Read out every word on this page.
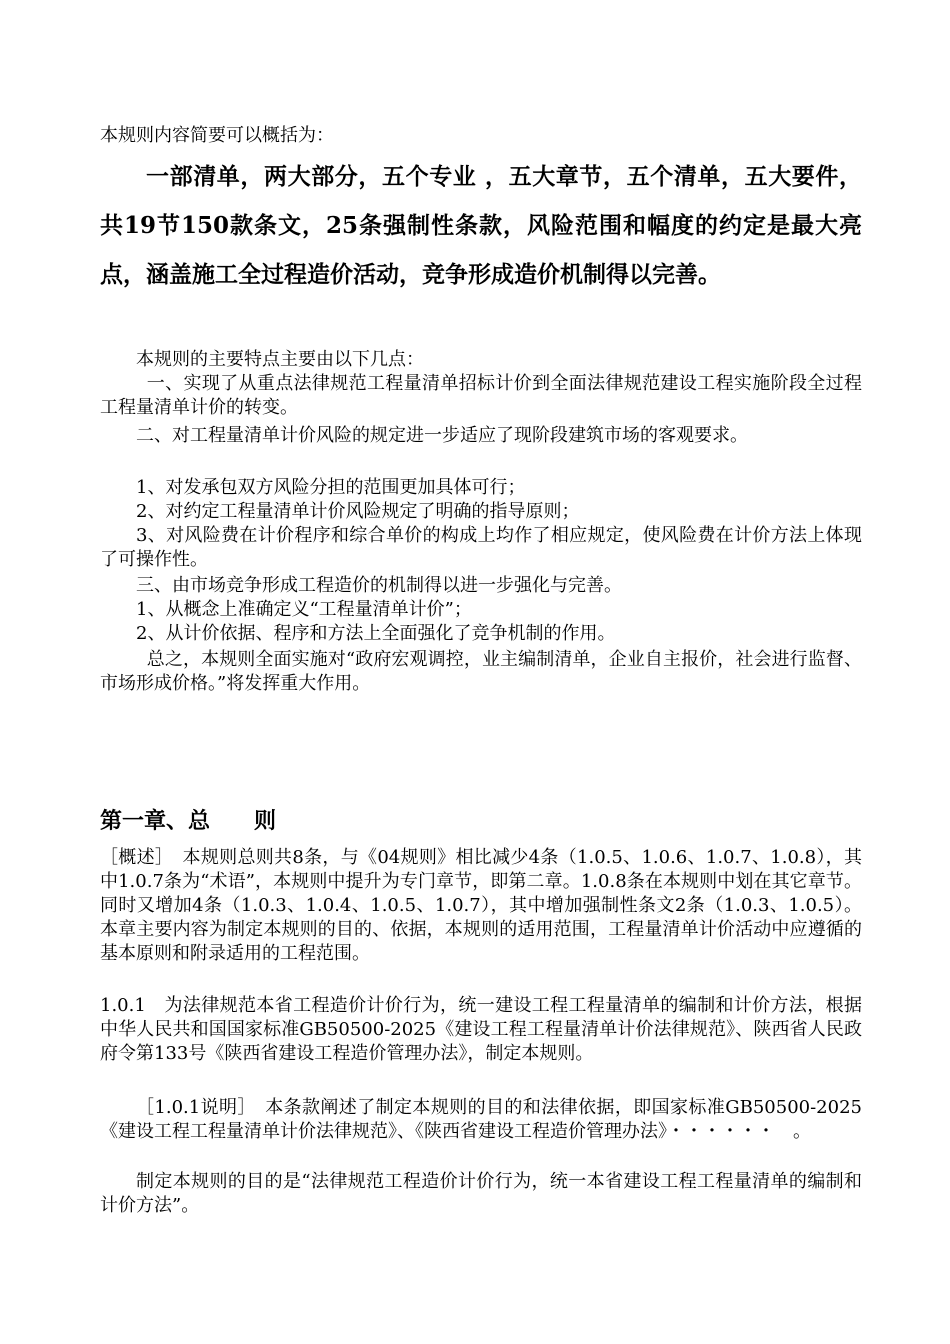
本规则内容简要可以概括为：

一部清单，两大部分，五个专业 ，五大章节，五个清单，五大要件，共19节150款条文，25条强制性条款，风险范围和幅度的约定是最大亮点，涵盖施工全过程造价活动，竞争形成造价机制得以完善。

本规则的主要特点主要由以下几点：

一、实现了从重点法律规范工程量清单招标计价到全面法律规范建设工程实施阶段全过程工程量清单计价的转变。

二、对工程量清单计价风险的规定进一步适应了现阶段建筑市场的客观要求。

1、对发承包双方风险分担的范围更加具体可行；

2、对约定工程量清单计价风险规定了明确的指导原则；

3、对风险费在计价程序和综合单价的构成上均作了相应规定，使风险费在计价方法上体现了可操作性。

三、由市场竞争形成工程造价的机制得以进一步强化与完善。

1、从概念上准确定义“工程量清单计价”；

2、从计价依据、程序和方法上全面强化了竞争机制的作用。

总之，本规则全面实施对“政府宏观调控，业主编制清单，企业自主报价，社会进行监督、市场形成价格。”将发挥重大作用。

第一章、总　　则

［概述］　本规则总则共8条，与《04规则》相比减少4条（1.0.5、1.0.6、1.0.7、1.0.8），其中1.0.7条为“术语”，本规则中提升为专门章节，即第二章。1.0.8条在本规则中划在其它章节。同时又增加4条（1.0.3、1.0.4、1.0.5、1.0.7），其中增加强制性条文2条（1.0.3、1.0.5）。本章主要内容为制定本规则的目的、依据，本规则的适用范围，工程量清单计价活动中应遵循的基本原则和附录适用的工程范围。

1.0.1　为法律规范本省工程造价计价行为，统一建设工程工程量清单的编制和计价方法，根据中华人民共和国国家标准GB50500-2025《建设工程工程量清单计价法律规范》、陕西省人民政府令第133号《陕西省建设工程造价管理办法》，制定本规则。

［1.0.1说明］　本条款阐述了制定本规则的目的和法律依据，即国家标准GB50500-2025《建设工程工程量清单计价法律规范》、《陕西省建设工程造价管理办法》・・・・・・　。

制定本规则的目的是“法律规范工程造价计价行为，统一本省建设工程工程量清单的编制和计价方法”。
